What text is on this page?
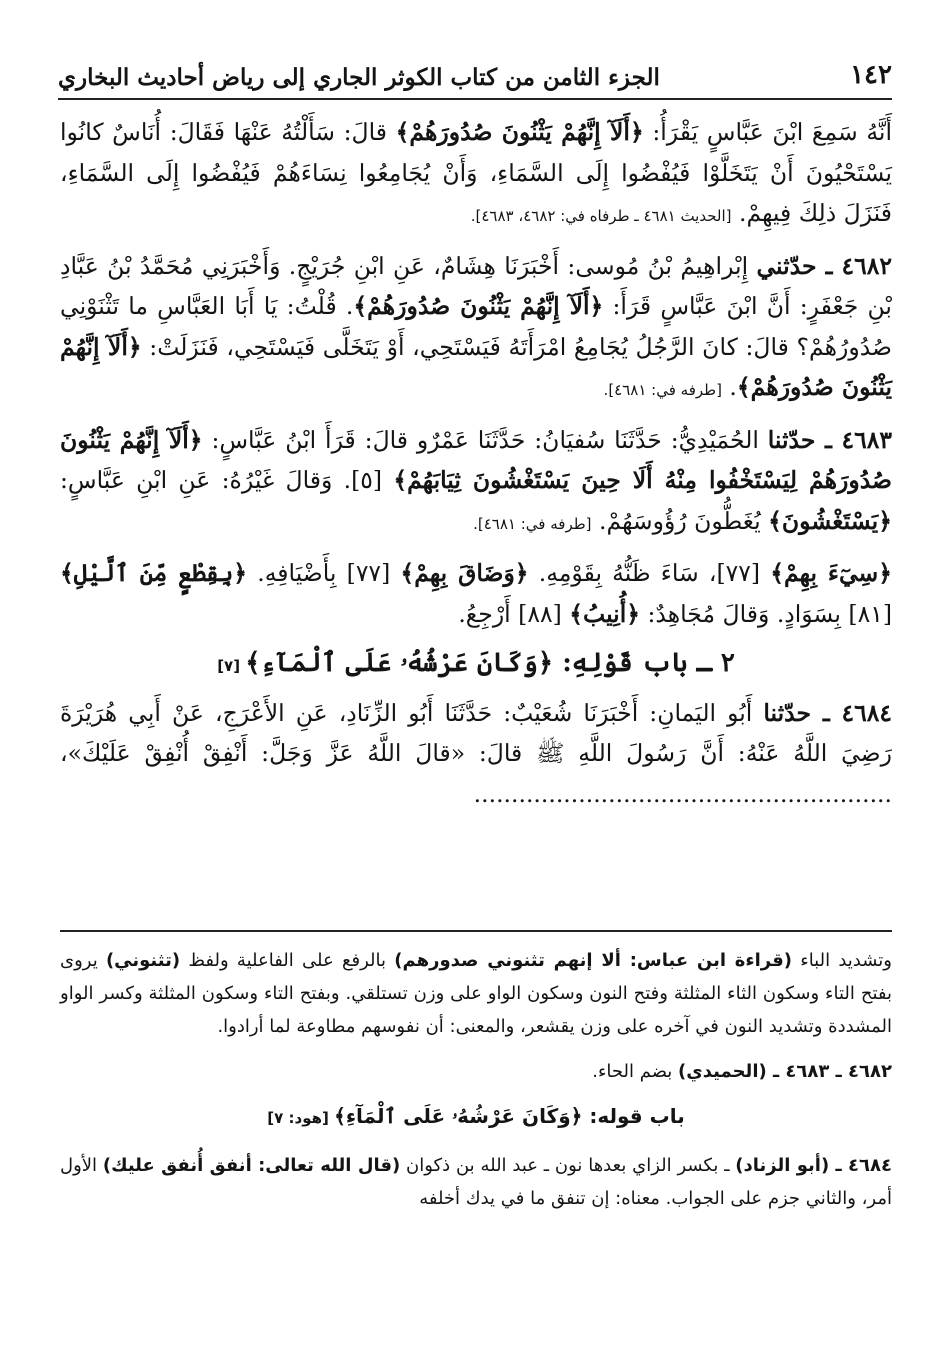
١٤٢
الجزء الثامن من كتاب الكوثر الجاري إلى رياض أحاديث البخاري

أَنَّهُ سَمِعَ ابْنَ عَبَّاسٍ يَقْرَأُ: ﴿أَلَآ إِنَّهُمْ يَثْنُونَ صُدُورَهُمْ﴾ قالَ: سَأَلْتُهُ عَنْهَا فَقَالَ: أُنَاسٌ كانُوا يَسْتَحْيُونَ أَنْ يَتَخَلَّوْا فَيُفْضُوا إِلَى السَّمَاءِ، وَأَنْ يُجَامِعُوا نِسَاءَهُمْ فَيُفْضُوا إِلَى السَّمَاءِ، فَنَزَلَ ذلِكَ فِيهِمْ. [الحديث ٤٦٨١ ـ طرفاه في: ٤٦٨٢، ٤٦٨٣].

٤٦٨٢ ـ حدّثني إِبْراهِيمُ بْنُ مُوسى: أَخْبَرَنَا هِشَامٌ، عَنِ ابْنِ جُرَيْجٍ. وَأَخْبَرَنِي مُحَمَّدُ بْنُ عَبَّادِ بْنِ جَعْفَرٍ: أَنَّ ابْنَ عَبَّاسٍ قَرَأَ: ﴿أَلَآ إِنَّهُمْ يَثْنُونَ صُدُورَهُمْ﴾. قُلْتُ: يَا أَبَا العَبَّاسِ ما تَثْنَوْنِي صُدُورُهُمْ؟ قالَ: كانَ الرَّجُلُ يُجَامِعُ امْرَأَتَهُ فَيَسْتَحِي، أَوْ يَتَخَلَّى فَيَسْتَحِي، فَنَزَلَتْ: ﴿أَلَآ إِنَّهُمْ يَثْنُونَ صُدُورَهُمْ﴾. [طرفه في: ٤٦٨١].

٤٦٨٣ ـ حدّثنا الحُمَيْدِيُّ: حَدَّثَنَا سُفيَانُ: حَدَّثَنَا عَمْرٌو قالَ: قَرَأَ ابْنُ عَبَّاسٍ: ﴿أَلَآ إِنَّهُمْ يَثْنُونَ صُدُورَهُمْ لِيَسْتَخْفُوا مِنْهُ أَلَا حِينَ يَسْتَغْشُونَ ثِيَابَهُمْ﴾ [٥]. وَقالَ غَيْرُهُ: عَنِ ابْنِ عَبَّاسٍ: ﴿يَسْتَغْشُونَ﴾ يُغَطُّونَ رُؤُوسَهُمْ. [طرفه في: ٤٦٨١].

﴿سِيٓءَ بِهِمْ﴾ [٧٧]، سَاءَ ظَنُّهُ بِقَوْمِهِ. ﴿وَضَاقَ بِهِمْ﴾ [٧٧] بِأَضْيَافِهِ. ﴿بِقِطْعٍ مِّنَ ٱلَّيْلِ﴾ [٨١] بِسَوَادٍ. وَقالَ مُجَاهِدٌ: ﴿أُنِيبُ﴾ [٨٨] أَرْجِعُ.

٢ ـ باب قَوْلِهِ: ﴿وَكَانَ عَرْشُهُۥ عَلَى ٱلْمَآءِ﴾ [٧]

٤٦٨٤ ـ حدّثنا أَبُو اليَمانِ: أَخْبَرَنَا شُعَيْبٌ: حَدَّثَنَا أَبُو الزِّنَادِ، عَنِ الأَعْرَجِ، عَنْ أَبِي هُرَيْرَةَ رَضِيَ اللَّهُ عَنْهُ: أَنَّ رَسُولَ اللَّهِ ﷺ قالَ: «قالَ اللَّهُ عَزَّ وَجَلَّ: أَنْفِقْ أُنْفِقْ عَلَيْكَ»، ........................................................

وتشديد الباء (قراءة ابن عباس: ألا إنهم تثنوني صدورهم) بالرفع على الفاعلية ولفظ (تثنوني) يروى بفتح التاء وسكون الثاء المثلثة وفتح النون وسكون الواو على وزن تستلقي. وبفتح التاء وسكون المثلثة وكسر الواو المشددة وتشديد النون في آخره على وزن يقشعر، والمعنى: أن نفوسهم مطاوعة لما أرادوا.

٤٦٨٢ ـ ٤٦٨٣ ـ (الحميدي) بضم الحاء.

باب قوله: ﴿وَكَانَ عَرْشُهُۥ عَلَى ٱلْمَآءِ﴾ [هود: ٧]

٤٦٨٤ ـ (أبو الزناد) ـ بكسر الزاي بعدها نون ـ عبد الله بن ذكوان (قال الله تعالى: أنفق أُنفق عليك) الأول أمر، والثاني جزم على الجواب. معناه: إن تنفق ما في يدك أخلفه
